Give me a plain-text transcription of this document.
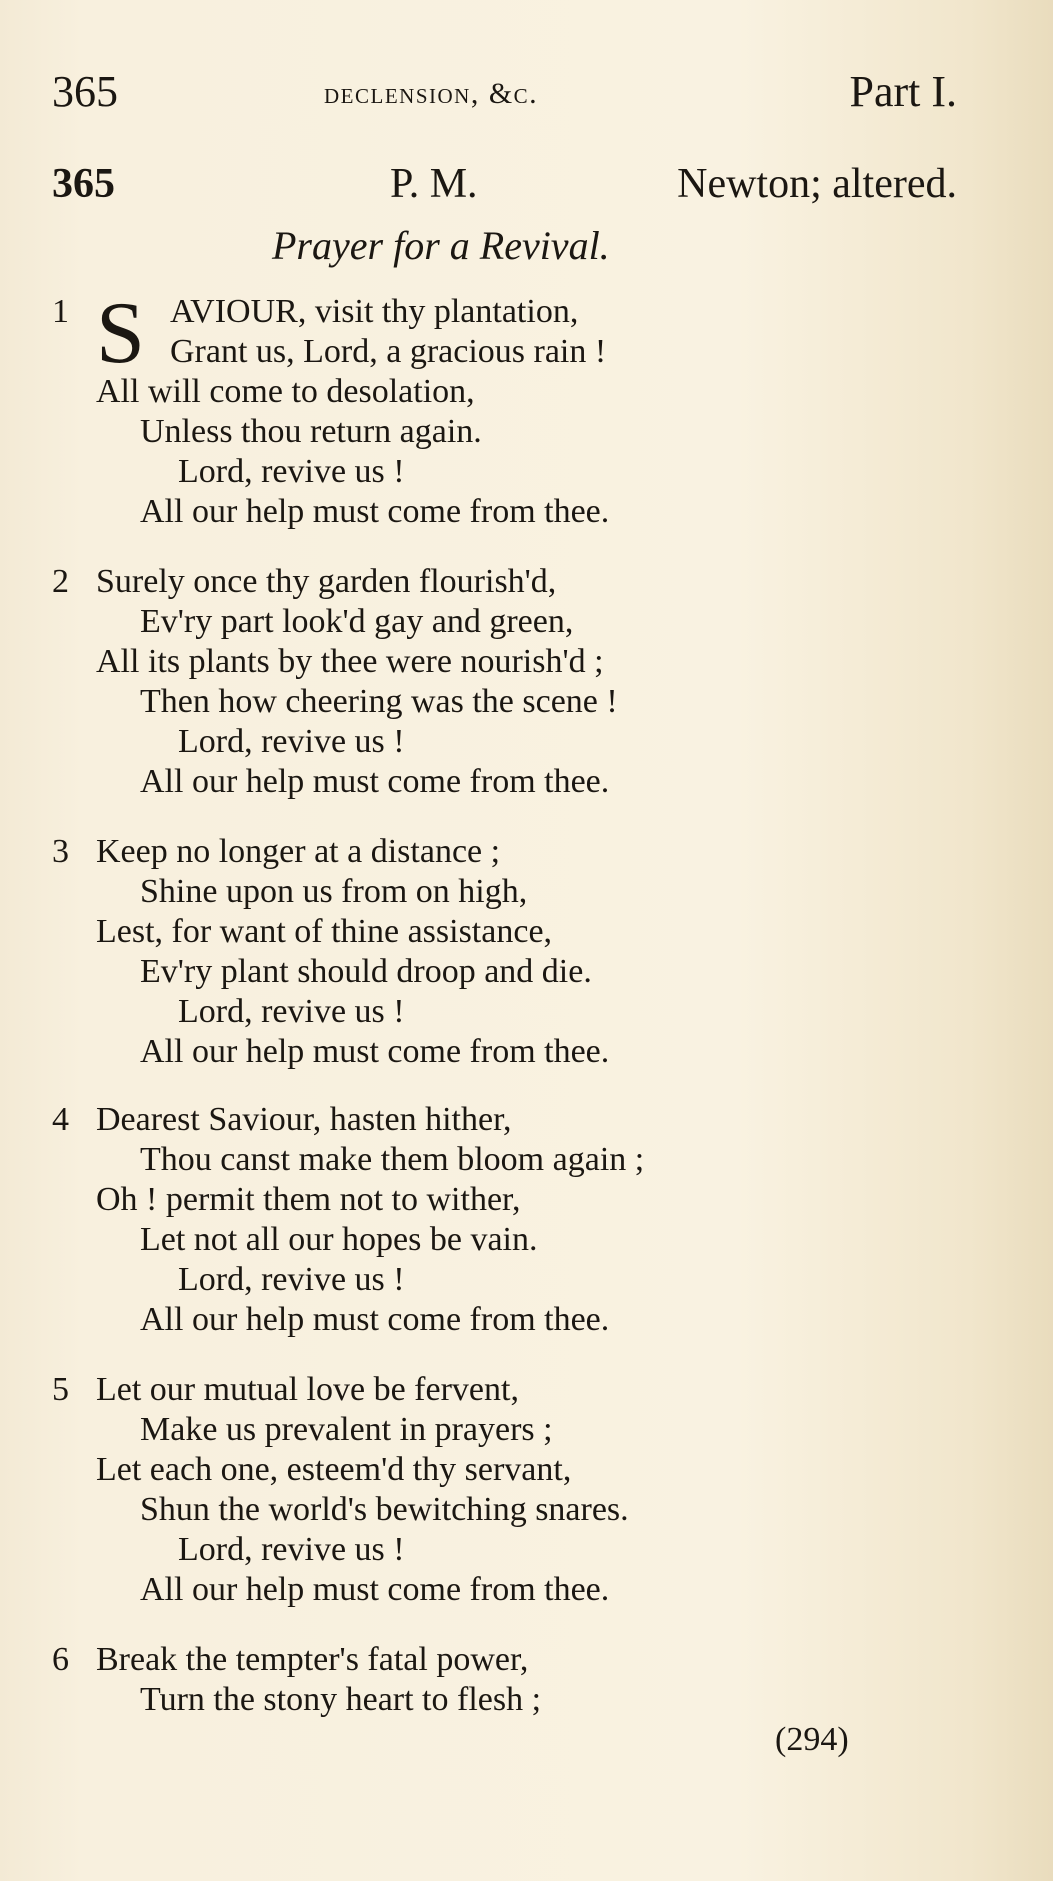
365	declension, &c.	Part I.
365	P. M.	Newton; altered.
Prayer for a Revival.
1 S AVIOUR, visit thy plantation,
Grant us, Lord, a gracious rain !
All will come to desolation,
Unless thou return again.
Lord, revive us !
All our help must come from thee.
2 Surely once thy garden flourish'd,
Ev'ry part look'd gay and green,
All its plants by thee were nourish'd ;
Then how cheering was the scene !
Lord, revive us !
All our help must come from thee.
3 Keep no longer at a distance ;
Shine upon us from on high,
Lest, for want of thine assistance,
Ev'ry plant should droop and die.
Lord, revive us !
All our help must come from thee.
4 Dearest Saviour, hasten hither,
Thou canst make them bloom again ;
Oh ! permit them not to wither,
Let not all our hopes be vain.
Lord, revive us !
All our help must come from thee.
5 Let our mutual love be fervent,
Make us prevalent in prayers ;
Let each one, esteem'd thy servant,
Shun the world's bewitching snares.
Lord, revive us !
All our help must come from thee.
6 Break the tempter's fatal power,
Turn the stony heart to flesh ;
(294)
